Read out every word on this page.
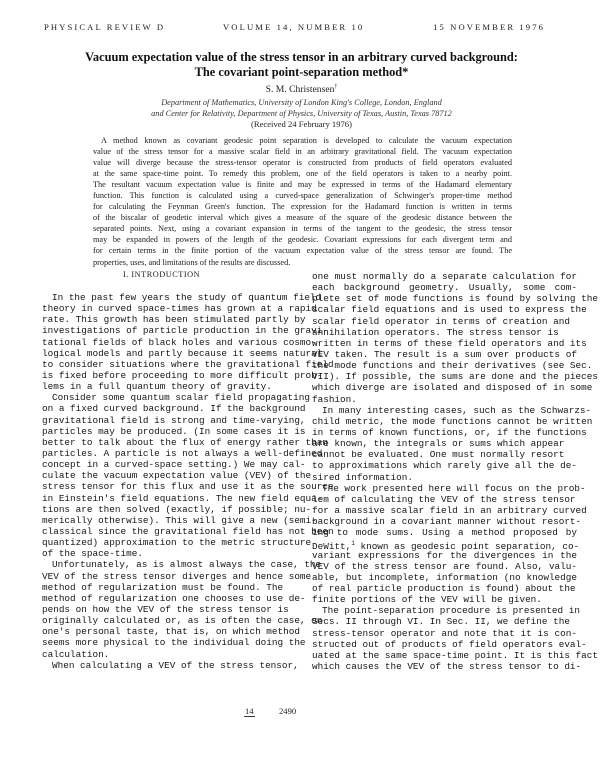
PHYSICAL REVIEW D	VOLUME 14, NUMBER 10	15 NOVEMBER 1976
Vacuum expectation value of the stress tensor in an arbitrary curved background:
The covariant point-separation method*
S. M. Christensen†
Department of Mathematics, University of London King's College, London, England
and Center for Relativity, Department of Physics, University of Texas, Austin, Texas 78712
(Received 24 February 1976)
A method known as covariant geodesic point separation is developed to calculate the vacuum expectation
value of the stress tensor for a massive scalar field in an arbitrary gravitational field. The vacuum expectation
value will diverge because the stress-tensor operator is constructed from products of field operators evaluated
at the same space-time point. To remedy this problem, one of the field operators is taken to a nearby point.
The resultant vacuum expectation value is finite and may be expressed in terms of the Hadamard elementary
function. This function is calculated using a curved-space generalization of Schwinger's proper-time method
for calculating the Feynman Green's function. The expression for the Hadamard function is written in terms
of the biscalar of geodetic interval which gives a measure of the square of the geodesic distance between the
separated points. Next, using a covariant expansion in terms of the tangent to the geodesic, the stress tensor
may be expanded in powers of the length of the geodesic. Covariant expressions for each divergent term and
for certain terms in the finite portion of the vacuum expectation value of the stress tensor are found. The
properties, uses, and limitations of the results are discussed.
I. INTRODUCTION
In the past few years the study of quantum field
theory in curved space-times has grown at a rapid
rate. This growth has been stimulated partly by
investigations of particle production in the gravi-
tational fields of black holes and various cosmo-
logical models and partly because it seems natural
to consider situations where the gravitational field
is fixed before proceeding to more difficult prob-
lems in a full quantum theory of gravity.
Consider some quantum scalar field propagating
on a fixed curved background. If the background
gravitational field is strong and time-varying,
particles may be produced. (In some cases it is
better to talk about the flux of energy rather than
particles. A particle is not always a well-defined
concept in a curved-space setting.) We may cal-
culate the vacuum expectation value (VEV) of the
stress tensor for this flux and use it as the source
in Einstein's field equations. The new field equa-
tions are then solved (exactly, if possible; nu-
merically otherwise). This will give a new (semi-
classical since the gravitational field has not been
quantized) approximation to the metric structure
of the space-time.
Unfortunately, as is almost always the case, the
VEV of the stress tensor diverges and hence some
method of regularization must be found. The
method of regularization one chooses to use de-
pends on how the VEV of the stress tensor is
originally calculated or, as is often the case, on
one's personal taste, that is, on which method
seems more physical to the individual doing the
calculation.
When calculating a VEV of the stress tensor,
one must normally do a separate calculation for
each background geometry. Usually, some com-
plete set of mode functions is found by solving the
scalar field equations and is used to express the
scalar field operator in terms of creation and
annihilation operators. The stress tensor is
written in terms of these field operators and its
VEV taken. The result is a sum over products of
the mode functions and their derivatives (see Sec.
VII). If possible, the sums are done and the pieces
which diverge are isolated and disposed of in some
fashion.
In many interesting cases, such as the Schwarzs-
child metric, the mode functions cannot be written
in terms of known functions, or, if the functions
are known, the integrals or sums which appear
cannot be evaluated. One must normally resort
to approximations which rarely give all the de-
sired information.
The work presented here will focus on the prob-
lem of calculating the VEV of the stress tensor
for a massive scalar field in an arbitrary curved
background in a covariant manner without resort-
ing to mode sums. Using a method proposed by
DeWitt,$^1$ known as geodesic point separation, co-
variant expressions for the divergences in the
VEV of the stress tensor are found. Also, valu-
able, but incomplete, information (no knowledge
of real particle production is found) about the
finite portions of the VEV will be given.
The point-separation procedure is presented in
Secs. II through VI. In Sec. II, we define the
stress-tensor operator and note that it is con-
structed out of products of field operators eval-
uated at the same space-time point. It is this fact
which causes the VEV of the stress tensor to di-
14	2490
